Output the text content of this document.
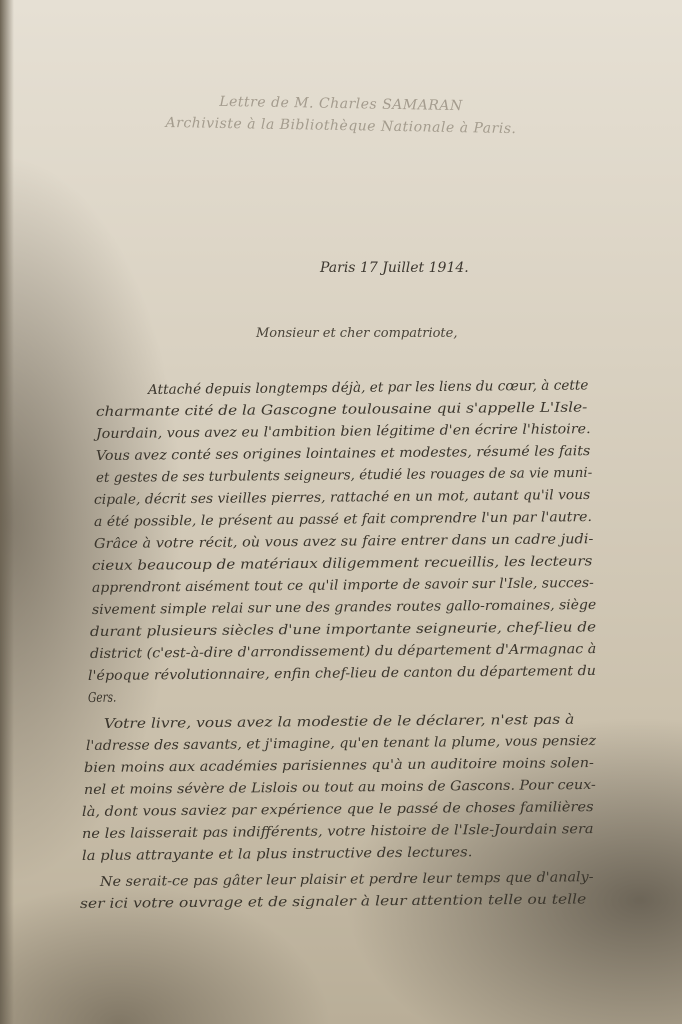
Lettre de M. Charles SAMARAN
Archiviste à la Bibliothèque Nationale à Paris.
Paris 17 Juillet 1914.
Monsieur et cher compatriote,
Attaché depuis longtemps déjà, et par les liens du cœur, à cette
charmante cité de la Gascogne toulousaine qui s'appelle L'Isle-
Jourdain, vous avez eu l'ambition bien légitime d'en écrire l'histoire.
Vous avez conté ses origines lointaines et modestes, résumé les faits
et gestes de ses turbulents seigneurs, étudié les rouages de sa vie muni-
cipale, décrit ses vieilles pierres, rattaché en un mot, autant qu'il vous
a été possible, le présent au passé et fait comprendre l'un par l'autre.
Grâce à votre récit, où vous avez su faire entrer dans un cadre judi-
cieux beaucoup de matériaux diligemment recueillis, les lecteurs
apprendront aisément tout ce qu'il importe de savoir sur l'Isle, succes-
sivement simple relai sur une des grandes routes gallo-romaines, siège
durant plusieurs siècles d'une importante seigneurie, chef-lieu de
district (c'est-à-dire d'arrondissement) du département d'Armagnac à
l'époque révolutionnaire, enfin chef-lieu de canton du département du
Gers.
Votre livre, vous avez la modestie de le déclarer, n'est pas à
l'adresse des savants, et j'imagine, qu'en tenant la plume, vous pensiez
bien moins aux académies parisiennes qu'à un auditoire moins solen-
nel et moins sévère de Lislois ou tout au moins de Gascons. Pour ceux-
là, dont vous saviez par expérience que le passé de choses familières
ne les laisserait pas indifférents, votre histoire de l'Isle-Jourdain sera
la plus attrayante et la plus instructive des lectures.
Ne serait-ce pas gâter leur plaisir et perdre leur temps que d'analy-
ser ici votre ouvrage et de signaler à leur attention telle ou telle
